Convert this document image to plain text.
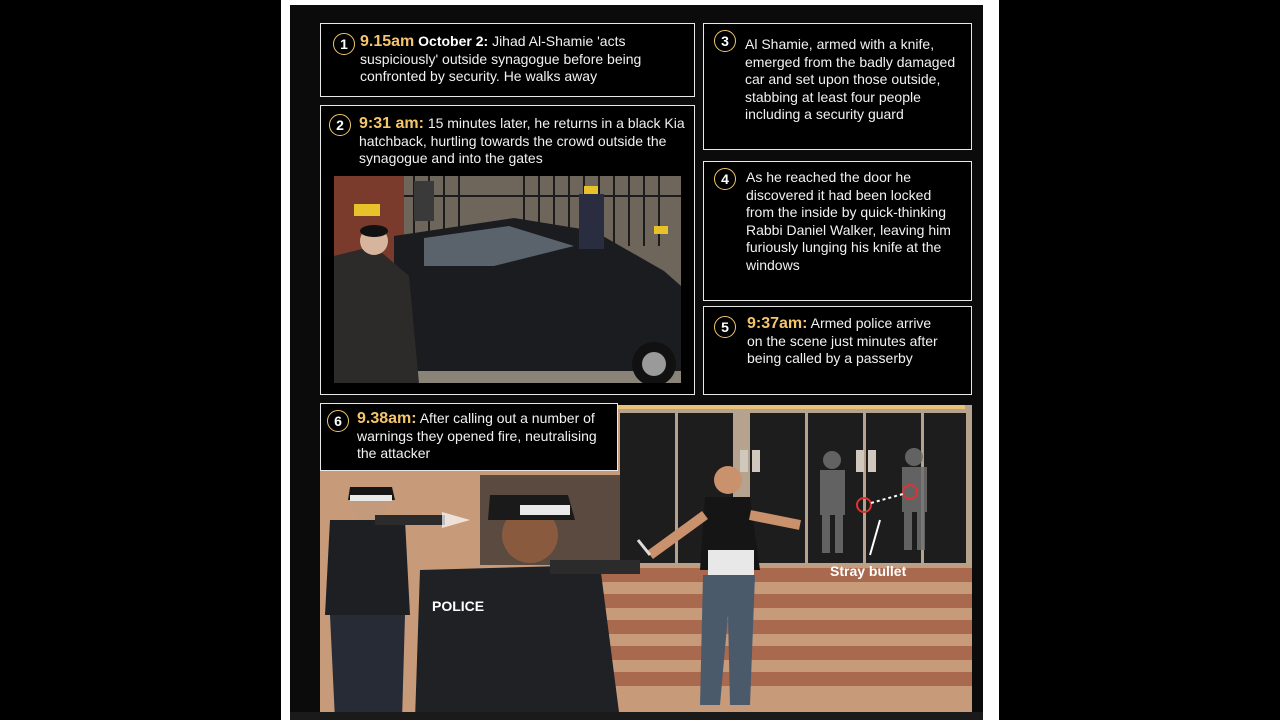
1 9.15am October 2: Jihad Al-Shamie 'acts suspiciously' outside synagogue before being confronted by security. He walks away
2 9:31 am: 15 minutes later, he returns in a black Kia hatchback, hurtling towards the crowd outside the synagogue and into the gates
3	Al Shamie, armed with a knife, emerged from the badly damaged car and set upon those outside, stabbing at least four people including a security guard
4	As he reached the door he discovered it had been locked from the inside by quick-thinking Rabbi Daniel Walker, leaving him furiously lunging his knife at the windows
5	9:37am: Armed police arrive on the scene just minutes after being called by a passerby
POLICE
6 9.38am: After calling out a number of warnings they opened fire, neutralising the attacker
Stray bullet
